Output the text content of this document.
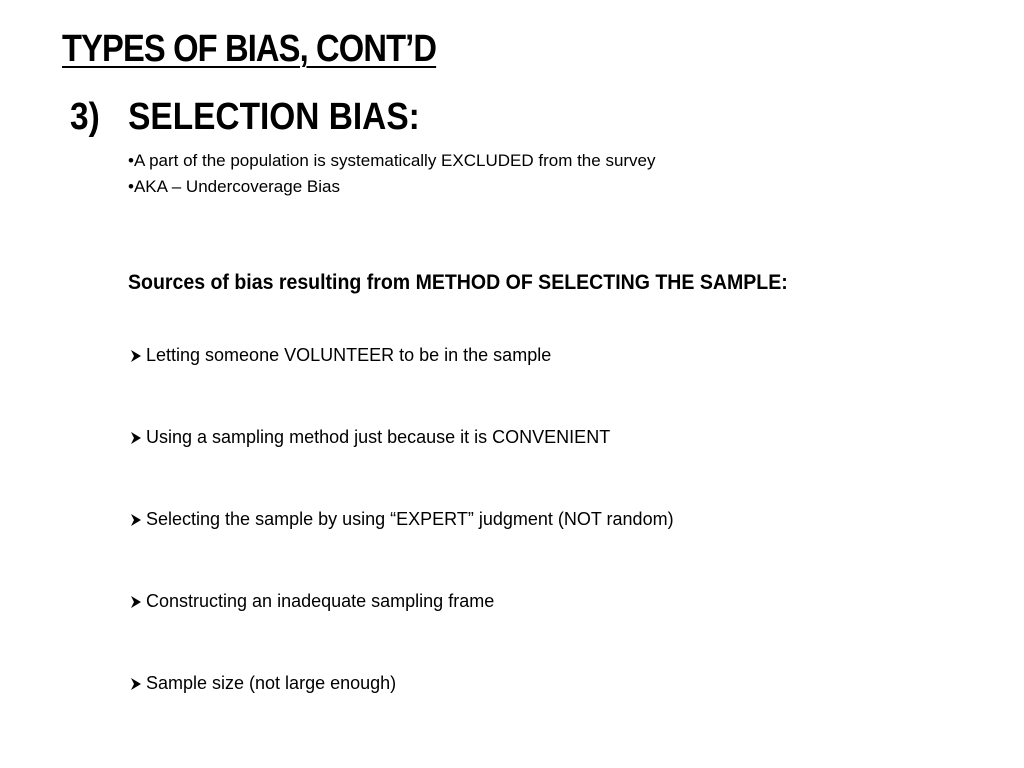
TYPES OF BIAS, CONT’D
3) SELECTION BIAS:
•A part of the population is systematically EXCLUDED from the survey
•AKA – Undercoverage Bias
Sources of bias resulting from METHOD OF SELECTING THE SAMPLE:
Letting someone VOLUNTEER to be in the sample
Using a sampling method just because it is CONVENIENT
Selecting the sample by using “EXPERT” judgment (NOT random)
Constructing an inadequate sampling frame
Sample size (not large enough)
